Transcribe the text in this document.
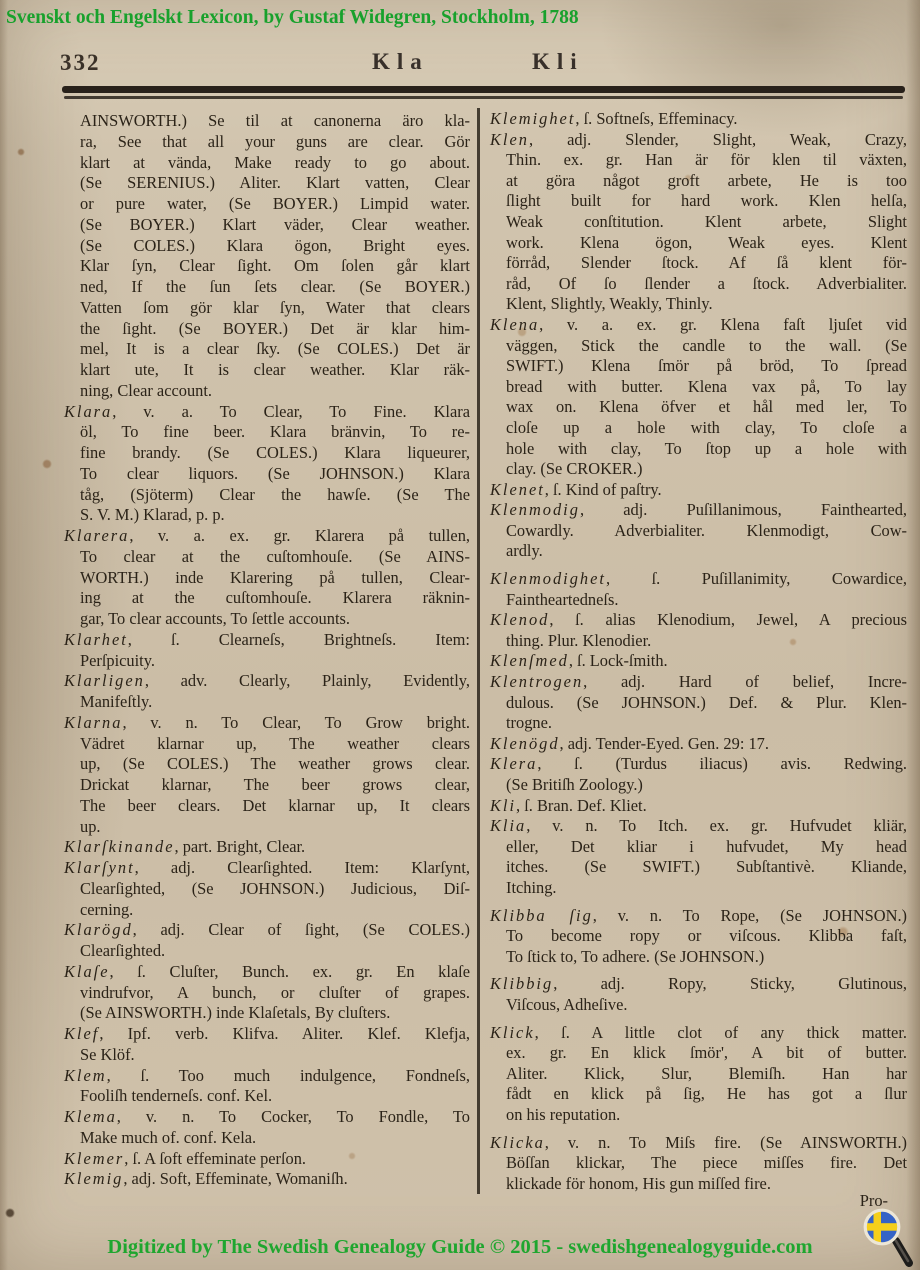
Svenskt och Engelskt Lexicon, by Gustaf Widegren, Stockholm, 1788
332	Kla	Kli
AINSWORTH.) Se til at canonerna äro kla-
ra, See that all your guns are clear. Gör
klart at vända, Make ready to go about.
(Se SERENIUS.) Aliter. Klart vatten, Clear
or pure water, (Se BOYER.) Limpid water.
(Se BOYER.) Klart väder, Clear weather.
(Se COLES.) Klara ögon, Bright eyes.
Klar ſyn, Clear ſight. Om ſolen går klart
ned, If the ſun ſets clear. (Se BOYER.)
Vatten ſom gör klar ſyn, Water that clears
the ſight. (Se BOYER.) Det är klar him-
mel, It is a clear ſky. (Se COLES.) Det är
klart ute, It is clear weather. Klar räk-
ning, Clear account.
Klara, v. a. To Clear, To Fine. Klara
öl, To fine beer. Klara bränvin, To re-
fine brandy. (Se COLES.) Klara liqueurer,
To clear liquors. (Se JOHNSON.) Klara
tåg, (Sjöterm) Clear the hawſe. (Se The
S. V. M.) Klarad, p. p.
Klarera, v. a. ex. gr. Klarera på tullen,
To clear at the cuſtomhouſe. (Se AINS-
WORTH.) inde Klarering på tullen, Clear-
ing at the cuſtomhouſe. Klarera räknin-
gar, To clear accounts, To ſettle accounts.
Klarhet, ſ. Clearneſs, Brightneſs. Item:
Perſpicuity.
Klarligen, adv. Clearly, Plainly, Evidently,
Manifeſtly.
Klarna, v. n. To Clear, To Grow bright.
Vädret klarnar up, The weather clears
up, (Se COLES.) The weather grows clear.
Drickat klarnar, The beer grows clear,
The beer clears. Det klarnar up, It clears
up.
Klarſkinande, part. Bright, Clear.
Klarſynt, adj. Clearſighted. Item: Klarſynt,
Clearſighted, (Se JOHNSON.) Judicious, Diſ-
cerning.
Klarögd, adj. Clear of ſight, (Se COLES.)
Clearſighted.
Klaſe, ſ. Cluſter, Bunch. ex. gr. En klaſe
vindrufvor, A bunch, or cluſter of grapes.
(Se AINSWORTH.) inde Klaſetals, By cluſters.
Klef, Ipf. verb. Klifva. Aliter. Klef. Klefja,
Se Klöf.
Klem, ſ. Too much indulgence, Fondneſs,
Fooliſh tenderneſs. conf. Kel.
Klema, v. n. To Cocker, To Fondle, To
Make much of. conf. Kela.
Klemer, ſ. A ſoft effeminate perſon.
Klemig, adj. Soft, Effeminate, Womaniſh.
Klemighet, ſ. Softneſs, Effeminacy.
Klen, adj. Slender, Slight, Weak, Crazy,
Thin. ex. gr. Han är för klen til växten,
at göra något groft arbete, He is too
ſlight built for hard work. Klen helſa,
Weak conſtitution. Klent arbete, Slight
work. Klena ögon, Weak eyes. Klent
förråd, Slender ſtock. Af ſå klent för-
råd, Of ſo ſlender a ſtock. Adverbialiter.
Klent, Slightly, Weakly, Thinly.
Klena, v. a. ex. gr. Klena faſt ljuſet vid
väggen, Stick the candle to the wall. (Se
SWIFT.) Klena ſmör på bröd, To ſpread
bread with butter. Klena vax på, To lay
wax on. Klena öfver et hål med ler, To
cloſe up a hole with clay, To cloſe a
hole with clay, To ſtop up a hole with
clay. (Se CROKER.)
Klenet, ſ. Kind of paſtry.
Klenmodig, adj. Puſillanimous, Fainthearted,
Cowardly. Adverbialiter. Klenmodigt, Cow-
ardly.
Klenmodighet, ſ. Puſillanimity, Cowardice,
Faintheartedneſs.
Klenod, ſ. alias Klenodium, Jewel, A precious
thing. Plur. Klenodier.
Klenſmed, ſ. Lock-ſmith.
Klentrogen, adj. Hard of belief, Incre-
dulous. (Se JOHNSON.) Def. & Plur. Klen-
trogne.
Klenögd, adj. Tender-Eyed. Gen. 29: 17.
Klera, ſ. (Turdus iliacus) avis. Redwing.
(Se Britiſh Zoology.)
Kli, ſ. Bran. Def. Kliet.
Klia, v. n. To Itch. ex. gr. Hufvudet kliär,
eller, Det kliar i hufvudet, My head
itches. (Se SWIFT.) Subſtantivè. Kliande,
Itching.
Klibba ſig, v. n. To Rope, (Se JOHNSON.)
To become ropy or viſcous. Klibba faſt,
To ſtick to, To adhere. (Se JOHNSON.)
Klibbig, adj. Ropy, Sticky, Glutinous,
Viſcous, Adheſive.
Klick, ſ. A little clot of any thick matter.
ex. gr. En klick ſmör', A bit of butter.
Aliter. Klick, Slur, Blemiſh. Han har
fådt en klick på ſig, He has got a ſlur
on his reputation.
Klicka, v. n. To Miſs fire. (Se AINSWORTH.)
Böſſan klickar, The piece miſſes fire. Det
klickade för honom, His gun miſſed fire.
Pro-
Digitized by The Swedish Genealogy Guide © 2015 - swedishgenealogyguide.com
